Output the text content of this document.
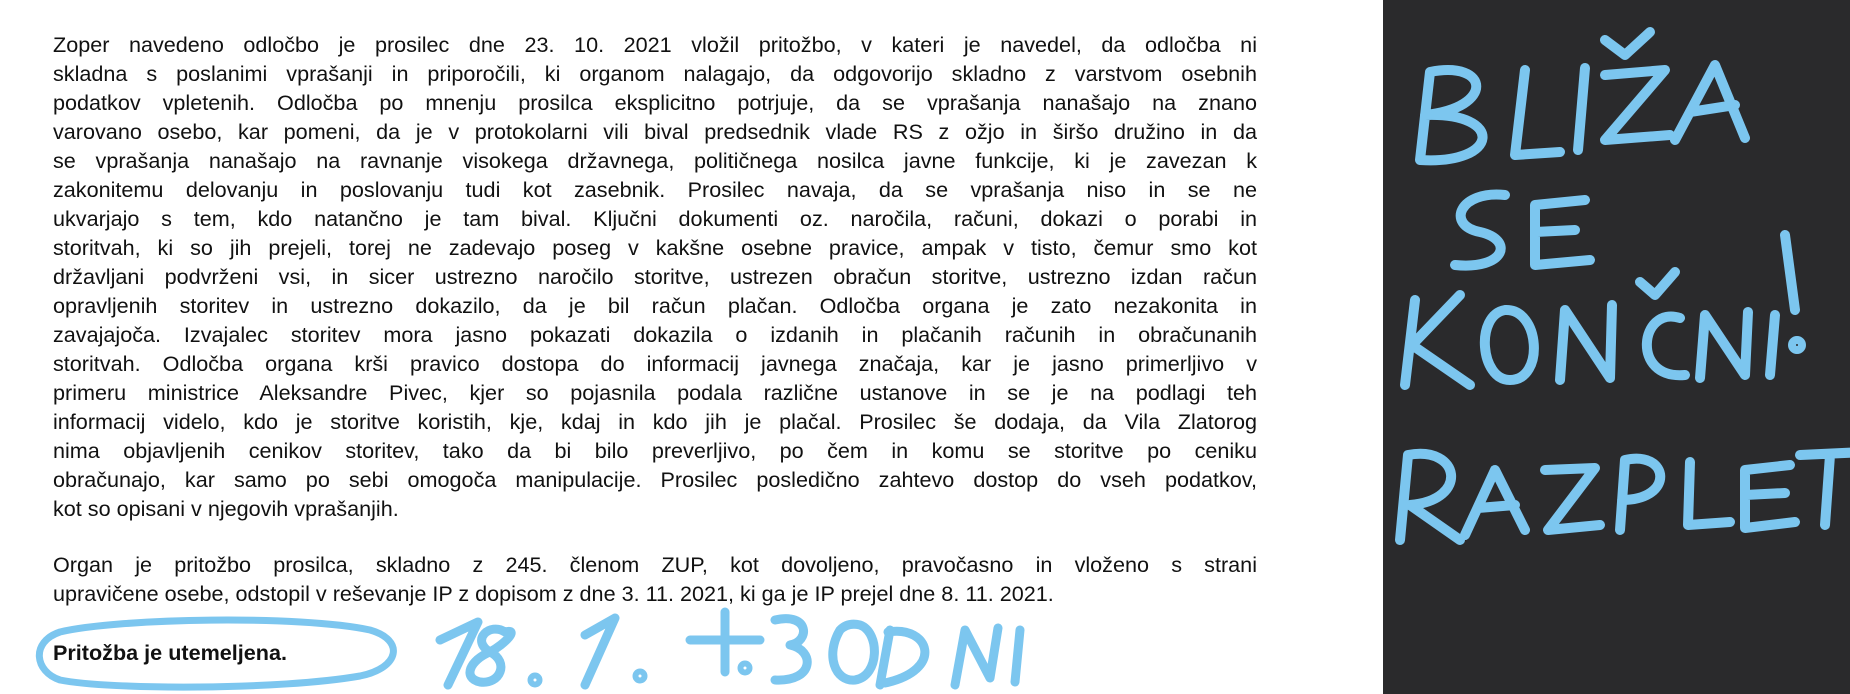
Zoper navedeno odločbo je prosilec dne 23. 10. 2021 vložil pritožbo, v kateri je navedel, da odločba ni
skladna s poslanimi vprašanji in priporočili, ki organom nalagajo, da odgovorijo skladno z varstvom osebnih
podatkov vpletenih. Odločba po mnenju prosilca eksplicitno potrjuje, da se vprašanja nanašajo na znano
varovano osebo, kar pomeni, da je v protokolarni vili bival predsednik vlade RS z ožjo in širšo družino in da
se vprašanja nanašajo na ravnanje visokega državnega, političnega nosilca javne funkcije, ki je zavezan k
zakonitemu delovanju in poslovanju tudi kot zasebnik. Prosilec navaja, da se vprašanja niso in se ne
ukvarjajo s tem, kdo natančno je tam bival. Ključni dokumenti oz. naročila, računi, dokazi o porabi in
storitvah, ki so jih prejeli, torej ne zadevajo poseg v kakšne osebne pravice, ampak v tisto, čemur smo kot
državljani podvrženi vsi, in sicer ustrezno naročilo storitve, ustrezen obračun storitve, ustrezno izdan račun
opravljenih storitev in ustrezno dokazilo, da je bil račun plačan. Odločba organa je zato nezakonita in
zavajajoča. Izvajalec storitev mora jasno pokazati dokazila o izdanih in plačanih računih in obračunanih
storitvah. Odločba organa krši pravico dostopa do informacij javnega značaja, kar je jasno primerljivo v
primeru ministrice Aleksandre Pivec, kjer so pojasnila podala različne ustanove in se je na podlagi teh
informacij videlo, kdo je storitve koristih, kje, kdaj in kdo jih je plačal. Prosilec še dodaja, da Vila Zlatorog
nima objavljenih cenikov storitev, tako da bi bilo preverljivo, po čem in komu se storitve po ceniku
obračunajo, kar samo po sebi omogoča manipulacije. Prosilec posledično zahtevo dostop do vseh podatkov,
kot so opisani v njegovih vprašanjih.
Organ je pritožbo prosilca, skladno z 245. členom ZUP, kot dovoljeno, pravočasno in vloženo s strani
upravičene osebe, odstopil v reševanje IP z dopisom z dne 3. 11. 2021, ki ga je IP prejel dne 8. 11. 2021.
Pritožba je utemeljena.
